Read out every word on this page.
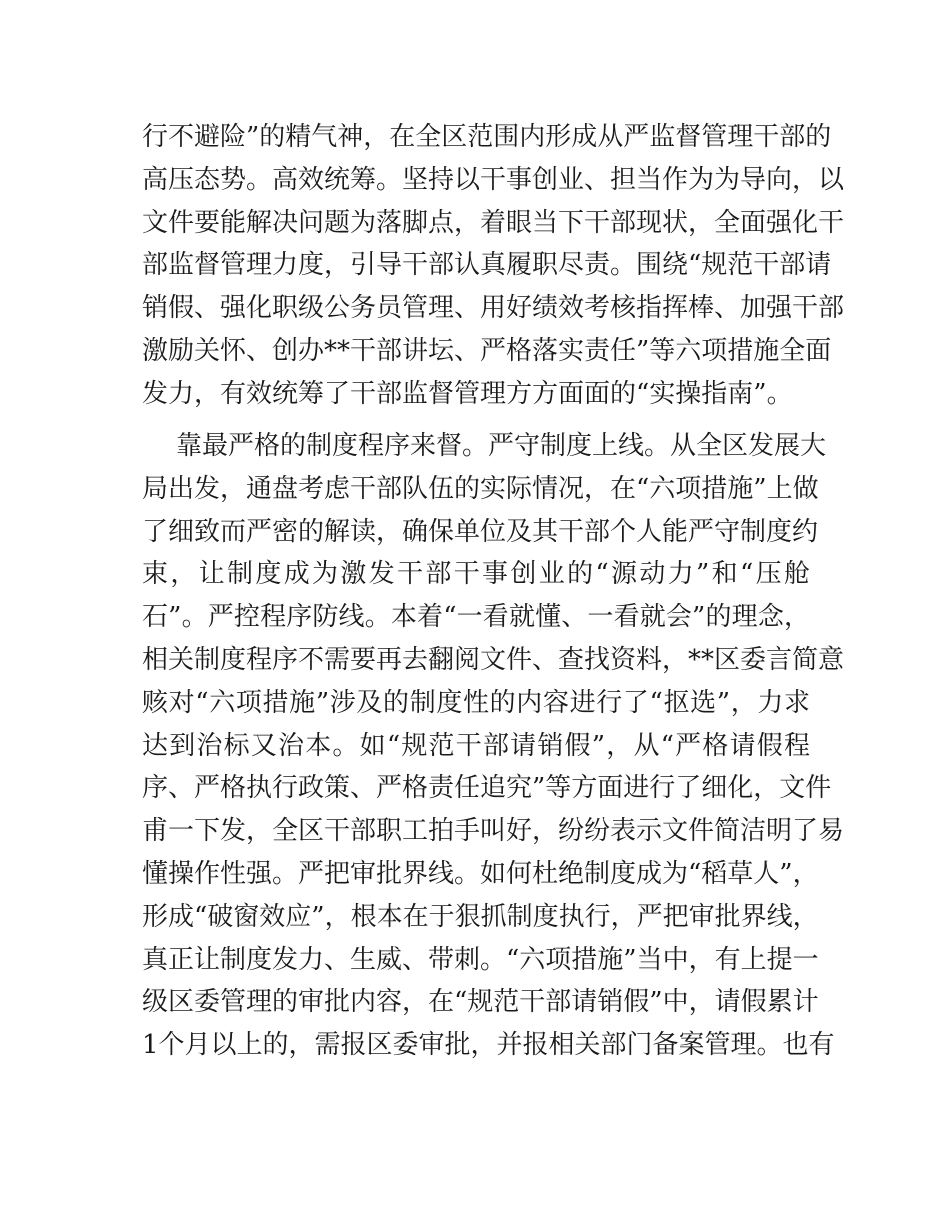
行不避险”的精气神，在全区范围内形成从严监督管理干部的
高压态势。高效统筹。坚持以干事创业、担当作为为导向，以
文件要能解决问题为落脚点，着眼当下干部现状，全面强化干
部监督管理力度，引导干部认真履职尽责。围绕“规范干部请
销假、强化职级公务员管理、用好绩效考核指挥棒、加强干部
激励关怀、创办**干部讲坛、严格落实责任”等六项措施全面
发力，有效统筹了干部监督管理方方面面的“实操指南”。
靠最严格的制度程序来督。严守制度上线。从全区发展大
局出发，通盘考虑干部队伍的实际情况，在“六项措施”上做
了细致而严密的解读，确保单位及其干部个人能严守制度约
束，让制度成为激发干部干事创业的“源动力”和“压舱
石”。严控程序防线。本着“一看就懂、一看就会”的理念，
相关制度程序不需要再去翻阅文件、查找资料，**区委言简意
赅对“六项措施”涉及的制度性的内容进行了“抠选”，力求
达到治标又治本。如“规范干部请销假”，从“严格请假程
序、严格执行政策、严格责任追究”等方面进行了细化，文件
甫一下发，全区干部职工拍手叫好，纷纷表示文件简洁明了易
懂操作性强。严把审批界线。如何杜绝制度成为“稻草人”，
形成“破窗效应”，根本在于狠抓制度执行，严把审批界线，
真正让制度发力、生威、带刺。“六项措施”当中，有上提一
级区委管理的审批内容，在“规范干部请销假”中，请假累计
1个月以上的，需报区委审批，并报相关部门备案管理。也有
